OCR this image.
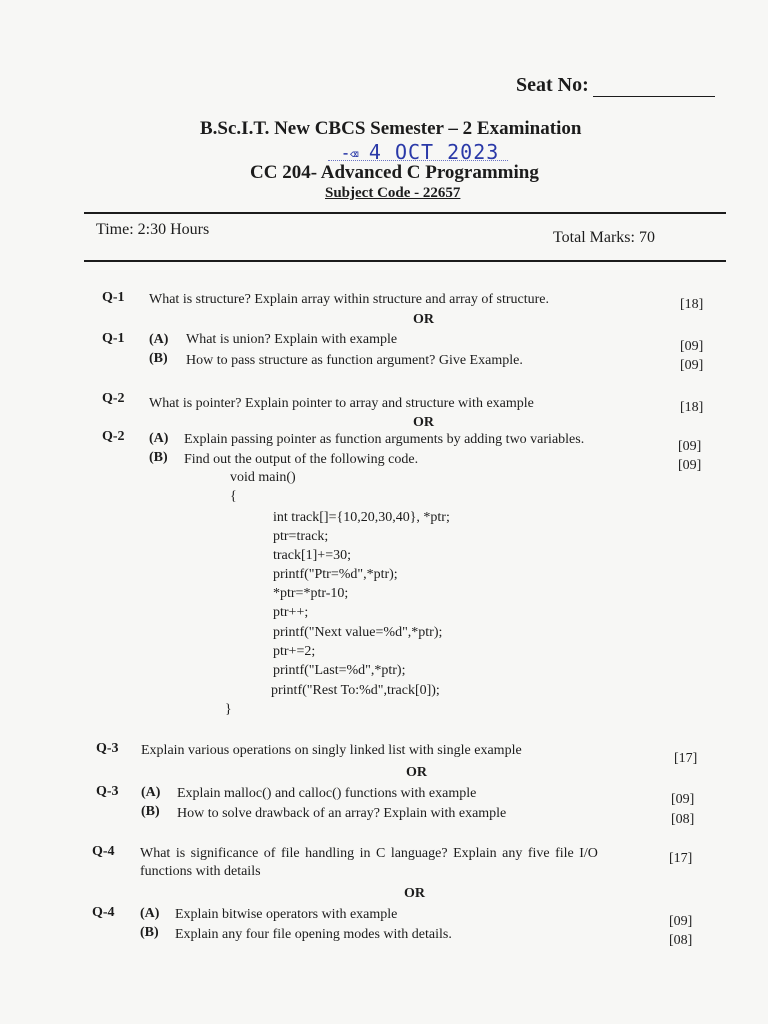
Seat No:
B.Sc.I.T. New CBCS Semester – 2 Examination
⁃⌫ 4 OCT 2023
CC 204- Advanced C Programming
Subject Code - 22657
Time: 2:30 Hours	Total Marks: 70
Q-1 What is structure? Explain array within structure and array of structure.	[18]
OR
Q-1 (A) What is union? Explain with example	[09]
(B) How to pass structure as function argument? Give Example.	[09]
Q-2 What is pointer? Explain pointer to array and structure with example	[18]
OR
Q-2 (A) Explain passing pointer as function arguments by adding two variables.	[09]
(B) Find out the output of the following code.	[09]
void main()
{
int track[]={10,20,30,40}, *ptr;
ptr=track;
track[1]+=30;
printf("Ptr=%d",*ptr);
*ptr=*ptr-10;
ptr++;
printf("Next value=%d",*ptr);
ptr+=2;
printf("Last=%d",*ptr);
printf("Rest To:%d",track[0]);
}
Q-3 Explain various operations on singly linked list with single example
[17]
OR
Q-3 (A) Explain malloc() and calloc() functions with example	[09]
(B) How to solve drawback of an array? Explain with example	[08]
Q-4 What is significance of file handling in C language? Explain any five file I/O
functions with details
[17]
OR
Q-4 (A) Explain bitwise operators with example	[09]
(B) Explain any four file opening modes with details.	[08]
